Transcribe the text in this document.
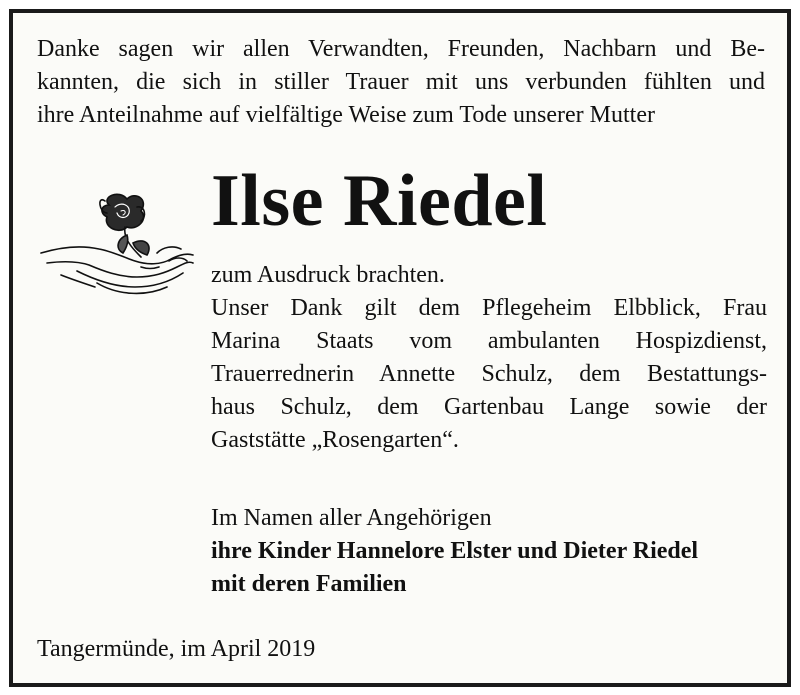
Danke sagen wir allen Verwandten, Freunden, Nachbarn und Be-
kannten, die sich in stiller Trauer mit uns verbunden fühlten und
ihre Anteilnahme auf vielfältige Weise zum Tode unserer Mutter
Ilse Riedel
zum Ausdruck brachten.
Unser Dank gilt dem Pflegeheim Elbblick, Frau
Marina Staats vom ambulanten Hospizdienst,
Trauerrednerin Annette Schulz, dem Bestattungs-
haus Schulz, dem Gartenbau Lange sowie der
Gaststätte „Rosengarten“.
Im Namen aller Angehörigen
ihre Kinder Hannelore Elster und Dieter Riedel
mit deren Familien
Tangermünde, im April 2019
